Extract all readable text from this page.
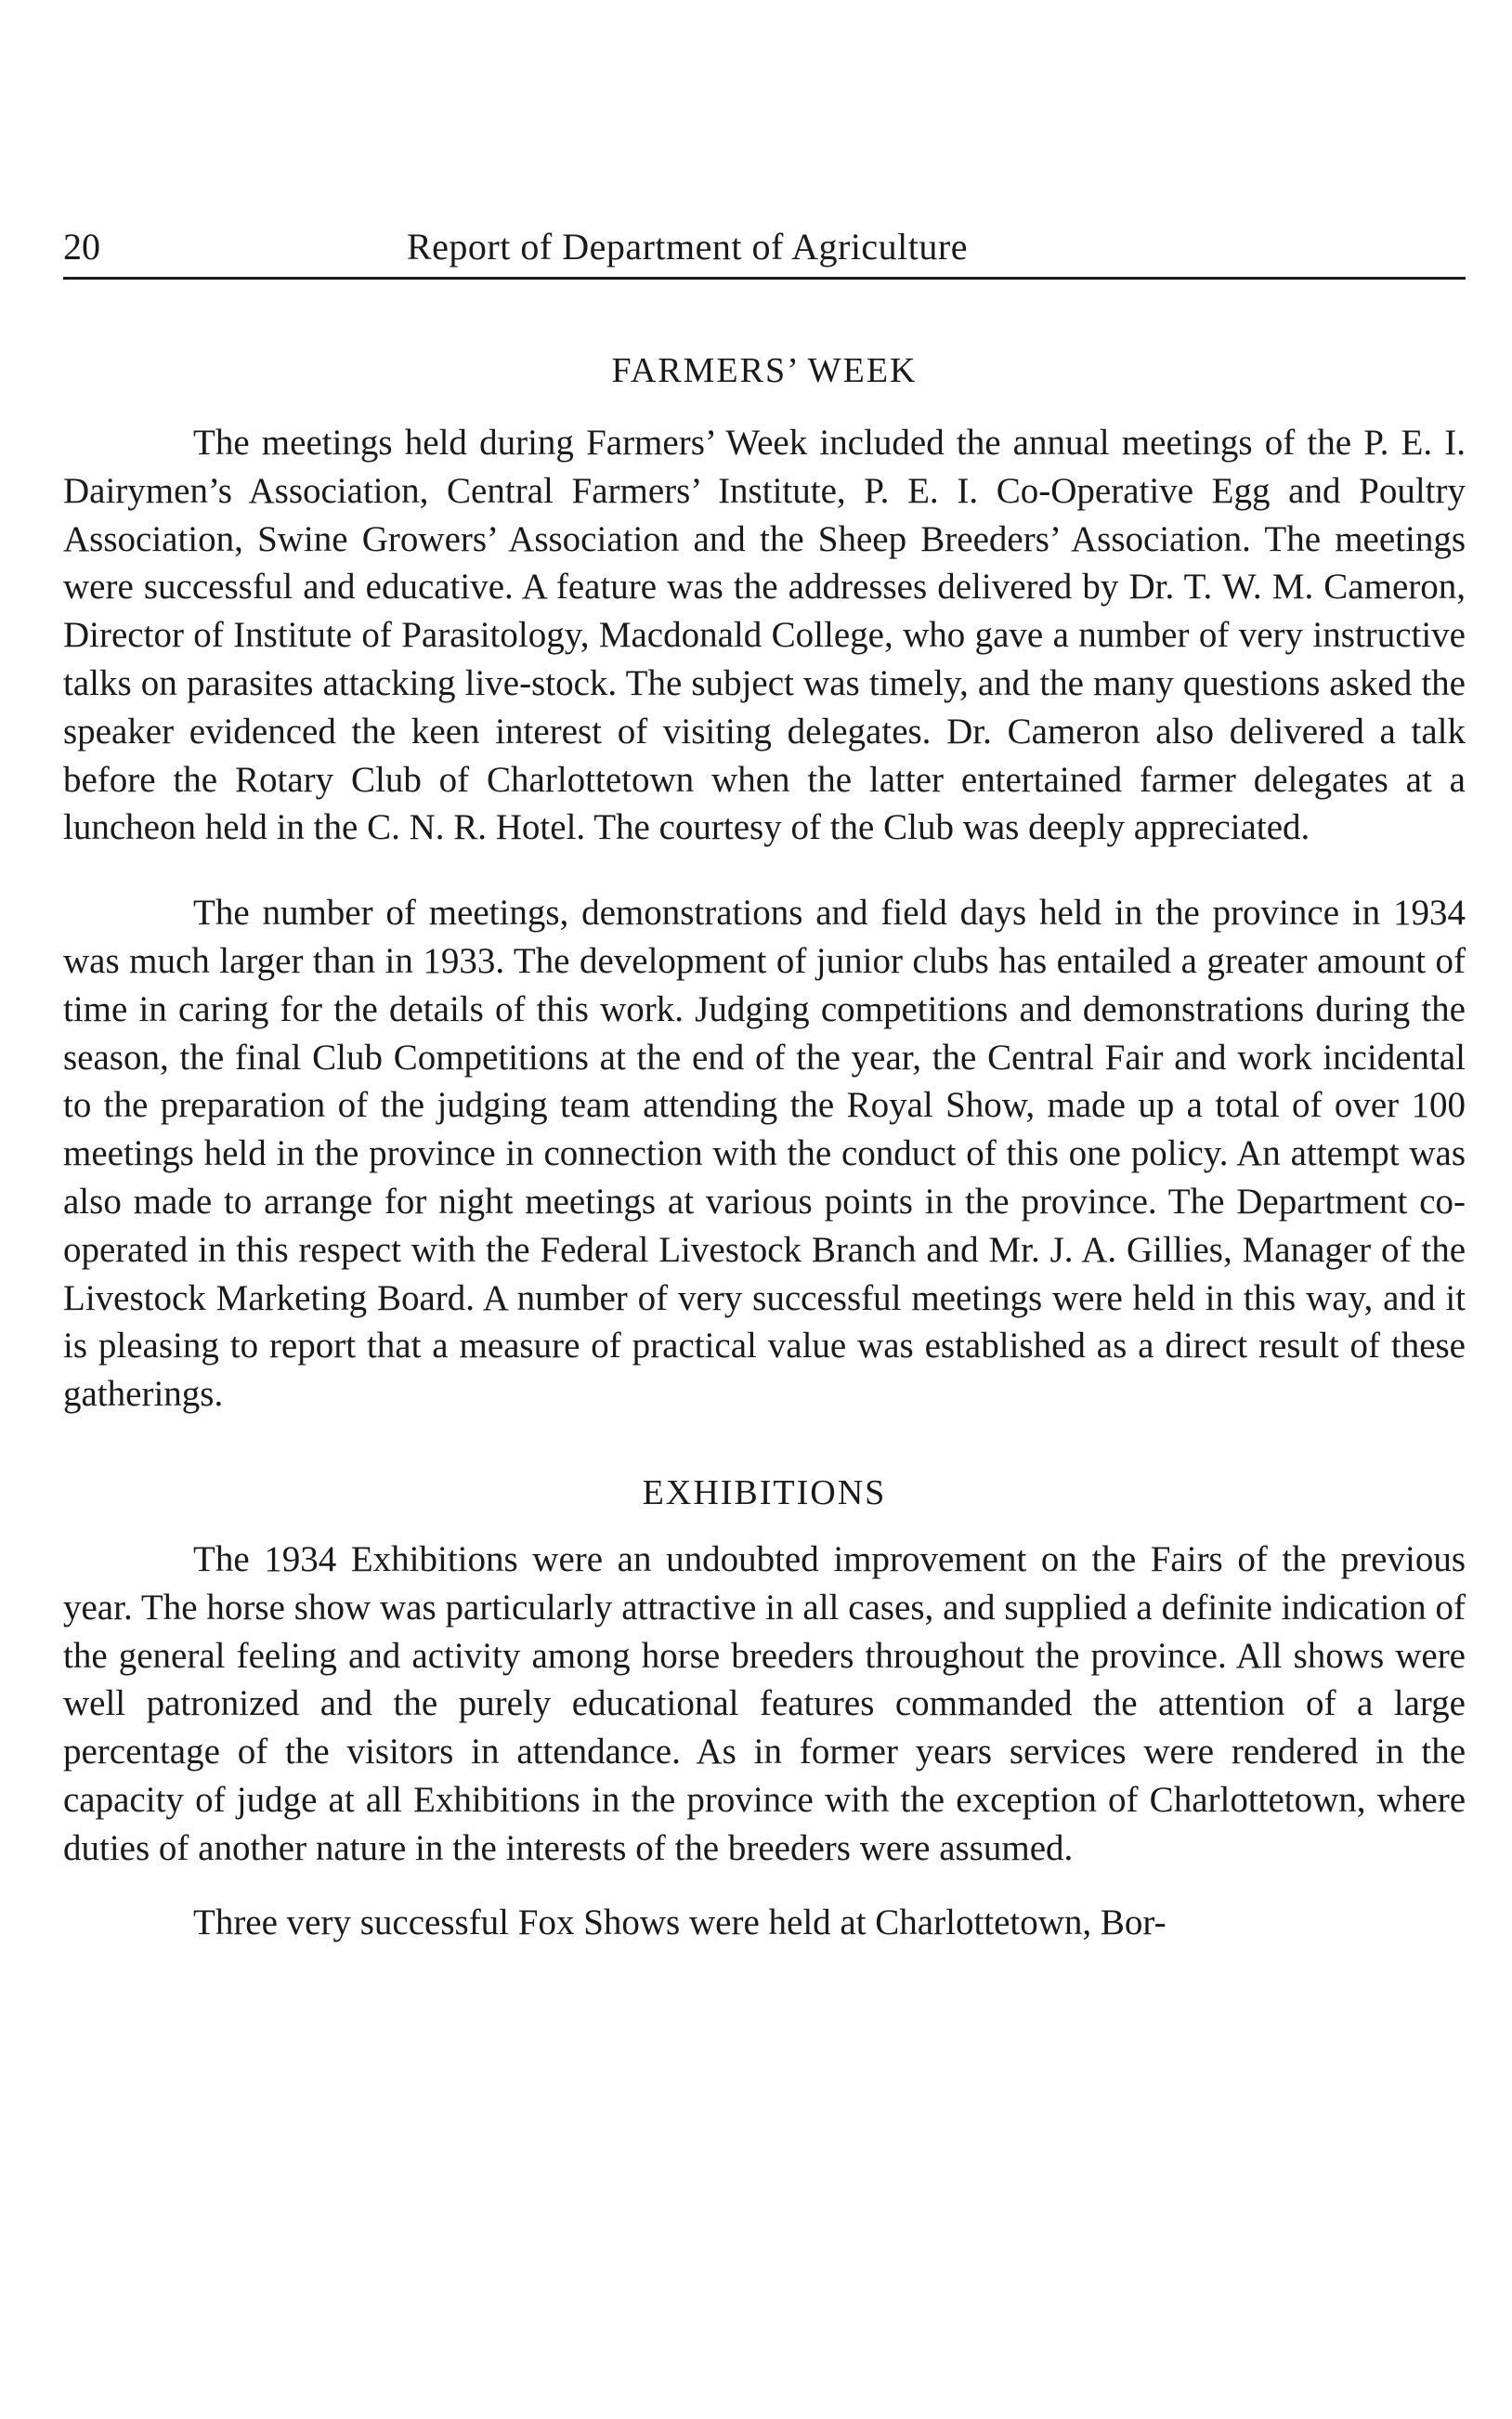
20	Report of Department of Agriculture
FARMERS’ WEEK

The meetings held during Farmers’ Week included the annual meetings of the P. E. I. Dairymen’s Association, Central Farmers’ Institute, P. E. I. Co-Operative Egg and Poultry Association, Swine Growers’ Association and the Sheep Breeders’ Association. The meetings were successful and educative. A feature was the addresses delivered by Dr. T. W. M. Cameron, Director of Institute of Parasitology, Macdonald College, who gave a number of very instructive talks on parasites attacking live-stock. The subject was timely, and the many questions asked the speaker evidenced the keen interest of visiting delegates. Dr. Cameron also delivered a talk before the Rotary Club of Charlottetown when the latter entertained farmer delegates at a luncheon held in the C. N. R. Hotel. The courtesy of the Club was deeply appreciated.

The number of meetings, demonstrations and field days held in the province in 1934 was much larger than in 1933. The development of junior clubs has entailed a greater amount of time in caring for the details of this work. Judging competitions and demonstrations during the season, the final Club Competitions at the end of the year, the Central Fair and work incidental to the preparation of the judging team attending the Royal Show, made up a total of over 100 meetings held in the province in connection with the conduct of this one policy. An attempt was also made to arrange for night meetings at various points in the province. The Department co-operated in this respect with the Federal Livestock Branch and Mr. J. A. Gillies, Manager of the Livestock Marketing Board. A number of very successful meetings were held in this way, and it is pleasing to report that a measure of practical value was established as a direct result of these gatherings.

EXHIBITIONS

The 1934 Exhibitions were an undoubted improvement on the Fairs of the previous year. The horse show was particularly attractive in all cases, and supplied a definite indication of the general feeling and activity among horse breeders throughout the province. All shows were well patronized and the purely educational features commanded the attention of a large percentage of the visitors in attendance. As in former years services were rendered in the capacity of judge at all Exhibitions in the province with the exception of Charlottetown, where duties of another nature in the interests of the breeders were assumed.

Three very successful Fox Shows were held at Charlottetown, Bor-
